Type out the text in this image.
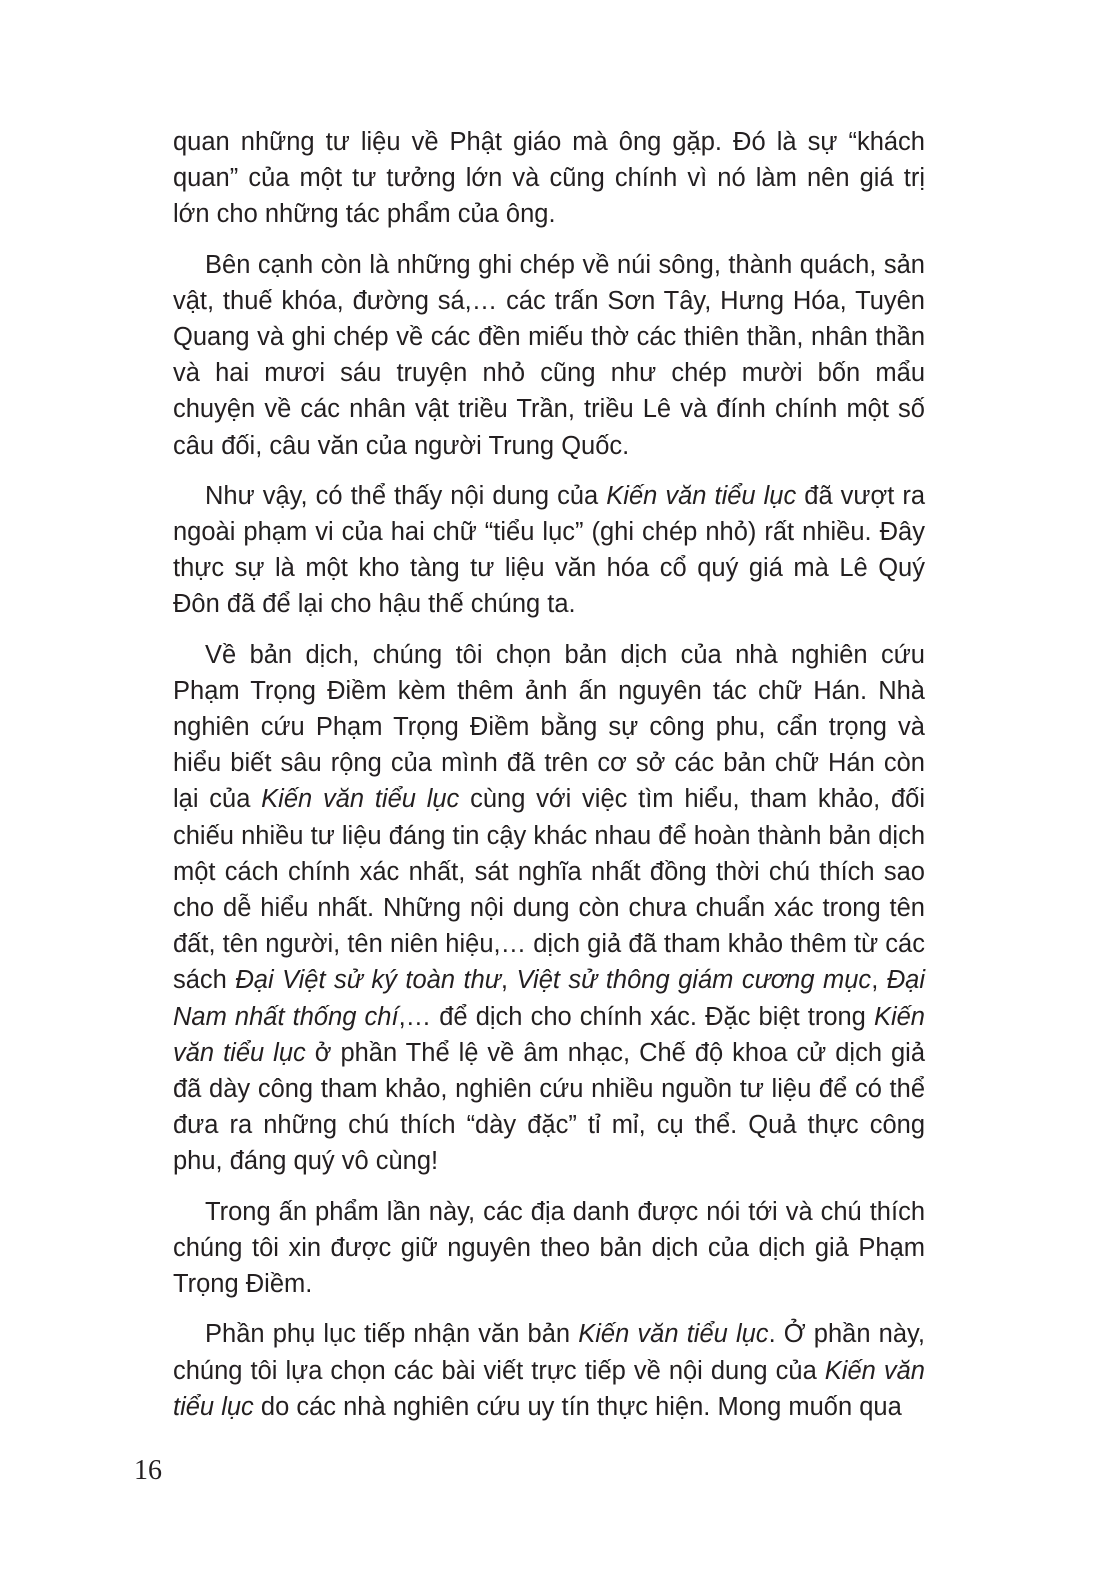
quan những tư liệu về Phật giáo mà ông gặp. Đó là sự “khách quan” của một tư tưởng lớn và cũng chính vì nó làm nên giá trị lớn cho những tác phẩm của ông.

Bên cạnh còn là những ghi chép về núi sông, thành quách, sản vật, thuế khóa, đường sá,… các trấn Sơn Tây, Hưng Hóa, Tuyên Quang và ghi chép về các đền miếu thờ các thiên thần, nhân thần và hai mươi sáu truyện nhỏ cũng như chép mười bốn mẩu chuyện về các nhân vật triều Trần, triều Lê và đính chính một số câu đối, câu văn của người Trung Quốc.

Như vậy, có thể thấy nội dung của Kiến văn tiểu lục đã vượt ra ngoài phạm vi của hai chữ “tiểu lục” (ghi chép nhỏ) rất nhiều. Đây thực sự là một kho tàng tư liệu văn hóa cổ quý giá mà Lê Quý Đôn đã để lại cho hậu thế chúng ta.

Về bản dịch, chúng tôi chọn bản dịch của nhà nghiên cứu Phạm Trọng Điềm kèm thêm ảnh ấn nguyên tác chữ Hán. Nhà nghiên cứu Phạm Trọng Điềm bằng sự công phu, cẩn trọng và hiểu biết sâu rộng của mình đã trên cơ sở các bản chữ Hán còn lại của Kiến văn tiểu lục cùng với việc tìm hiểu, tham khảo, đối chiếu nhiều tư liệu đáng tin cậy khác nhau để hoàn thành bản dịch một cách chính xác nhất, sát nghĩa nhất đồng thời chú thích sao cho dễ hiểu nhất. Những nội dung còn chưa chuẩn xác trong tên đất, tên người, tên niên hiệu,… dịch giả đã tham khảo thêm từ các sách Đại Việt sử ký toàn thư, Việt sử thông giám cương mục, Đại Nam nhất thống chí,… để dịch cho chính xác. Đặc biệt trong Kiến văn tiểu lục ở phần Thể lệ về âm nhạc, Chế độ khoa cử dịch giả đã dày công tham khảo, nghiên cứu nhiều nguồn tư liệu để có thể đưa ra những chú thích “dày đặc” tỉ mỉ, cụ thể. Quả thực công phu, đáng quý vô cùng!

Trong ấn phẩm lần này, các địa danh được nói tới và chú thích chúng tôi xin được giữ nguyên theo bản dịch của dịch giả Phạm Trọng Điềm.

Phần phụ lục tiếp nhận văn bản Kiến văn tiểu lục. Ở phần này, chúng tôi lựa chọn các bài viết trực tiếp về nội dung của Kiến văn tiểu lục do các nhà nghiên cứu uy tín thực hiện. Mong muốn qua

16
